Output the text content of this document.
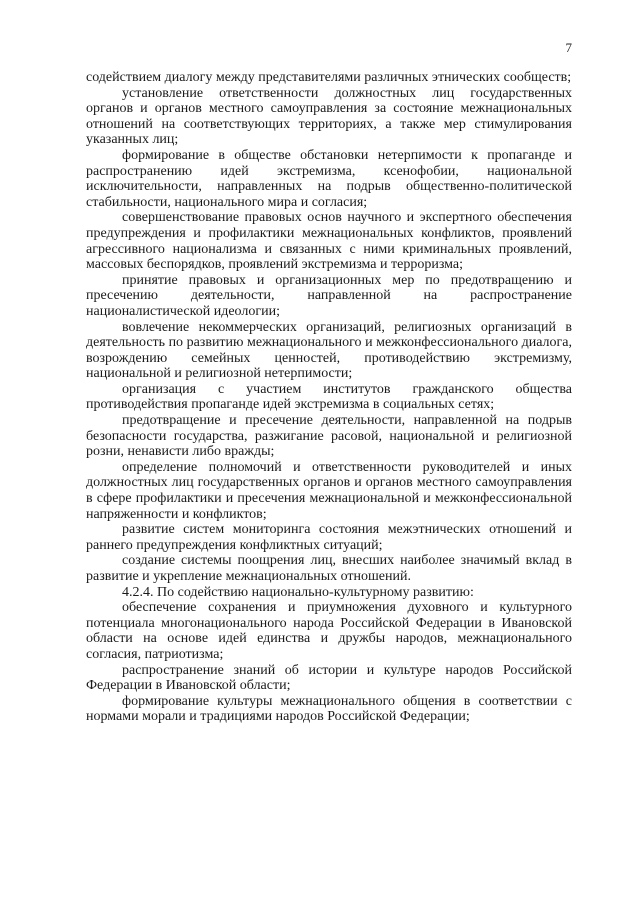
7

содействием диалогу между представителями различных этнических сообществ;

установление ответственности должностных лиц государственных органов и органов местного самоуправления за состояние межнациональных отношений на соответствующих территориях, а также мер стимулирования указанных лиц;

формирование в обществе обстановки нетерпимости к пропаганде и распространению идей экстремизма, ксенофобии, национальной исключительности, направленных на подрыв общественно-политической стабильности, национального мира и согласия;

совершенствование правовых основ научного и экспертного обеспечения предупреждения и профилактики межнациональных конфликтов, проявлений агрессивного национализма и связанных с ними криминальных проявлений, массовых беспорядков, проявлений экстремизма и терроризма;

принятие правовых и организационных мер по предотвращению и пресечению деятельности, направленной на распространение националистической идеологии;

вовлечение некоммерческих организаций, религиозных организаций в деятельность по развитию межнационального и межконфессионального диалога, возрождению семейных ценностей, противодействию экстремизму, национальной и религиозной нетерпимости;

организация с участием институтов гражданского общества противодействия пропаганде идей экстремизма в социальных сетях;

предотвращение и пресечение деятельности, направленной на подрыв безопасности государства, разжигание расовой, национальной и религиозной розни, ненависти либо вражды;

определение полномочий и ответственности руководителей и иных должностных лиц государственных органов и органов местного самоуправления в сфере профилактики и пресечения межнациональной и межконфессиональной напряженности и конфликтов;

развитие систем мониторинга состояния межэтнических отношений и раннего предупреждения конфликтных ситуаций;

создание системы поощрения лиц, внесших наиболее значимый вклад в развитие и укрепление межнациональных отношений.

4.2.4. По содействию национально-культурному развитию:

обеспечение сохранения и приумножения духовного и культурного потенциала многонационального народа Российской Федерации в Ивановской области на основе идей единства и дружбы народов, межнационального согласия, патриотизма;

распространение знаний об истории и культуре народов Российской Федерации в Ивановской области;

формирование культуры межнационального общения в соответствии с нормами морали и традициями народов Российской Федерации;
